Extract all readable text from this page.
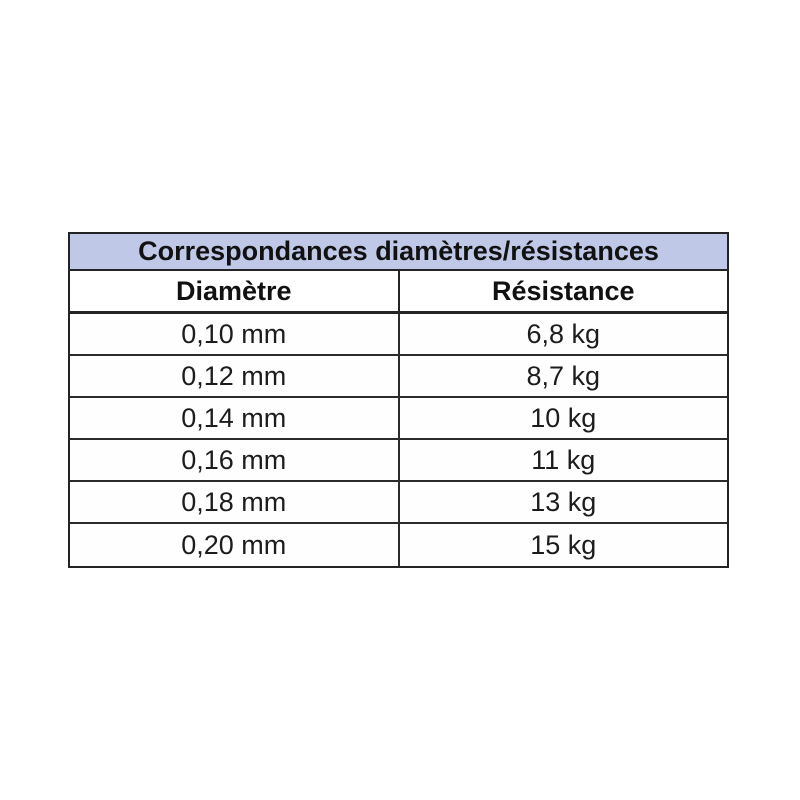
Correspondances diamètres/résistances
Diamètre	Résistance
0,10 mm	6,8 kg
0,12 mm	8,7 kg
0,14 mm	10 kg
0,16 mm	11 kg
0,18 mm	13 kg
0,20 mm	15 kg
